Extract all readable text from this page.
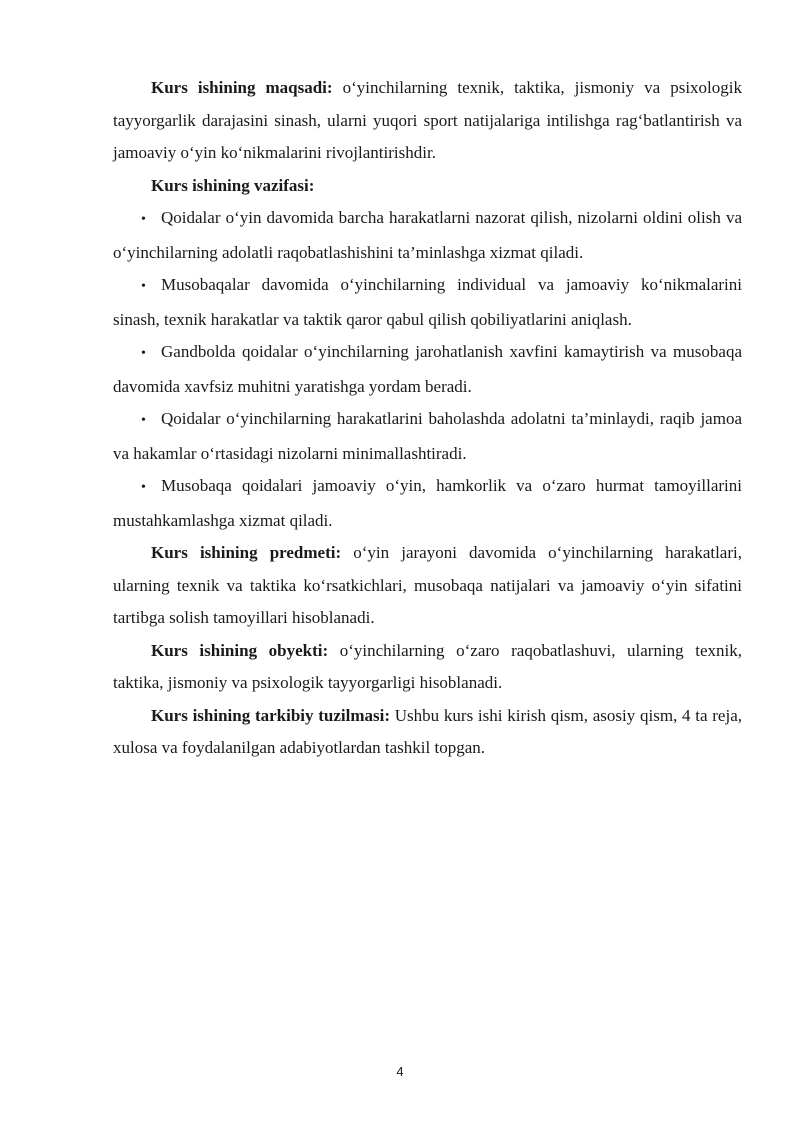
Kurs ishining maqsadi: o‘yinchilarning texnik, taktika, jismoniy va psixologik tayyorgarlik darajasini sinash, ularni yuqori sport natijalariga intilishga rag‘batlantirish va jamoaviy o‘yin ko‘nikmalarini rivojlantirishdir.

Kurs ishining vazifasi:

• Qoidalar o‘yin davomida barcha harakatlarni nazorat qilish, nizolarni oldini olish va o‘yinchilarning adolatli raqobatlashishini ta’minlashga xizmat qiladi.

• Musobaqalar davomida o‘yinchilarning individual va jamoaviy ko‘nikmalarini sinash, texnik harakatlar va taktik qaror qabul qilish qobiliyatlarini aniqlash.

• Gandbolda qoidalar o‘yinchilarning jarohatlanish xavfini kamaytirish va musobaqa davomida xavfsiz muhitni yaratishga yordam beradi.

• Qoidalar o‘yinchilarning harakatlarini baholashda adolatni ta’minlaydi, raqib jamoa va hakamlar o‘rtasidagi nizolarni minimallashtiradi.

• Musobaqa qoidalari jamoaviy o‘yin, hamkorlik va o‘zaro hurmat tamoyillarini mustahkamlashga xizmat qiladi.

Kurs ishining predmeti: o‘yin jarayoni davomida o‘yinchilarning harakatlari, ularning texnik va taktika ko‘rsatkichlari, musobaqa natijalari va jamoaviy o‘yin sifatini tartibga solish tamoyillari hisoblanadi.

Kurs ishining obyekti: o‘yinchilarning o‘zaro raqobatlashuvi, ularning texnik, taktika, jismoniy va psixologik tayyorgarligi hisoblanadi.

Kurs ishining tarkibiy tuzilmasi: Ushbu kurs ishi kirish qism, asosiy qism, 4 ta reja, xulosa va foydalanilgan adabiyotlardan tashkil topgan.

4
